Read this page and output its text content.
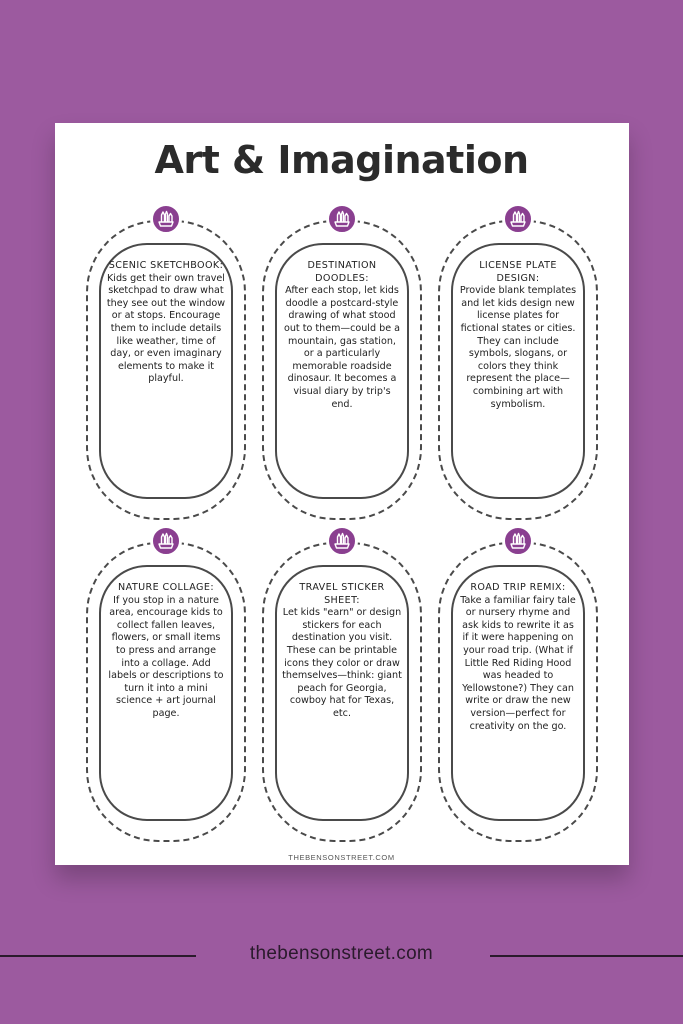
Art & Imagination
SCENIC SKETCHBOOK:
Kids get their own travel sketchpad to draw what they see out the window or at stops. Encourage them to include details like weather, time of day, or even imaginary elements to make it playful.
DESTINATION DOODLES:
After each stop, let kids doodle a postcard-style drawing of what stood out to them—could be a mountain, gas station, or a particularly memorable roadside dinosaur. It becomes a visual diary by trip's end.
LICENSE PLATE DESIGN:
Provide blank templates and let kids design new license plates for fictional states or cities. They can include symbols, slogans, or colors they think represent the place—combining art with symbolism.
NATURE COLLAGE:
If you stop in a nature area, encourage kids to collect fallen leaves, flowers, or small items to press and arrange into a collage. Add labels or descriptions to turn it into a mini science + art journal page.
TRAVEL STICKER SHEET:
Let kids "earn" or design stickers for each destination you visit. These can be printable icons they color or draw themselves—think: giant peach for Georgia, cowboy hat for Texas, etc.
ROAD TRIP REMIX:
Take a familiar fairy tale or nursery rhyme and ask kids to rewrite it as if it were happening on your road trip. (What if Little Red Riding Hood was headed to Yellowstone?) They can write or draw the new version—perfect for creativity on the go.
THEBENSONSTREET.COM
thebensonstreet.com
